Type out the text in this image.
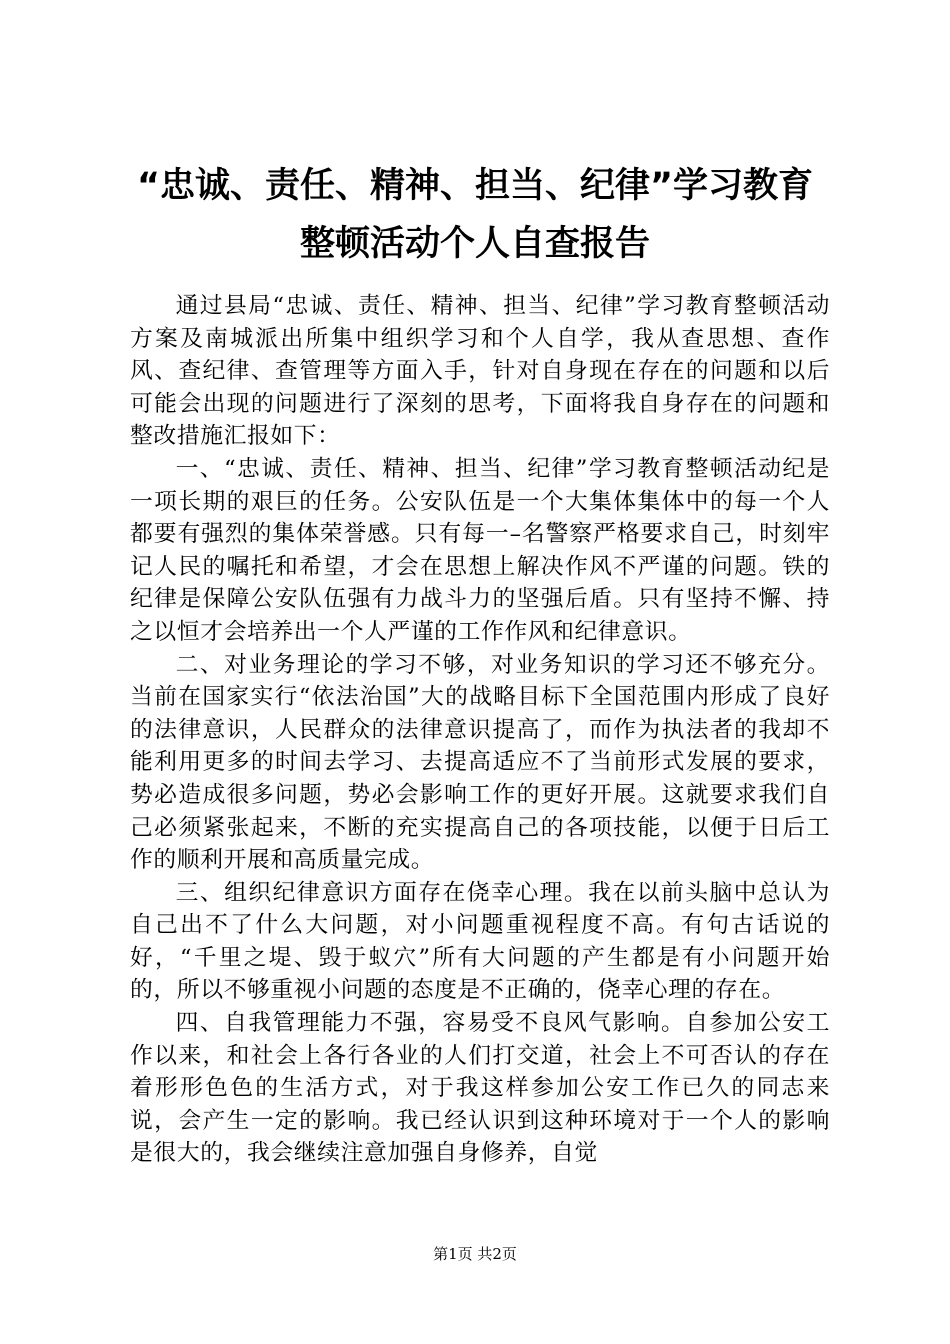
“忠诚、责任、精神、担当、纪律”学习教育
整顿活动个人自查报告

通过县局“忠诚、责任、精神、担当、纪律”学习教育整顿活动方案及南城派出所集中组织学习和个人自学，我从查思想、查作风、查纪律、查管理等方面入手，针对自身现在存在的问题和以后可能会出现的问题进行了深刻的思考，下面将我自身存在的问题和整改措施汇报如下：

一、“忠诚、责任、精神、担当、纪律”学习教育整顿活动纪是一项长期的艰巨的任务。公安队伍是一个大集体集体中的每一个人都要有强烈的集体荣誉感。只有每一–名警察严格要求自己，时刻牢记人民的嘱托和希望，才会在思想上解决作风不严谨的问题。铁的纪律是保障公安队伍强有力战斗力的坚强后盾。只有坚持不懈、持之以恒才会培养出一个人严谨的工作作风和纪律意识。

二、对业务理论的学习不够，对业务知识的学习还不够充分。当前在国家实行“依法治国”大的战略目标下全国范围内形成了良好的法律意识，人民群众的法律意识提高了，而作为执法者的我却不能利用更多的时间去学习、去提高适应不了当前形式发展的要求，势必造成很多问题，势必会影响工作的更好开展。这就要求我们自己必须紧张起来，不断的充实提高自己的各项技能，以便于日后工作的顺利开展和高质量完成。

三、组织纪律意识方面存在侥幸心理。我在以前头脑中总认为自己出不了什么大问题，对小问题重视程度不高。有句古话说的好，“千里之堤、毁于蚁穴”所有大问题的产生都是有小问题开始的，所以不够重视小问题的态度是不正确的，侥幸心理的存在。

四、自我管理能力不强，容易受不良风气影响。自参加公安工作以来，和社会上各行各业的人们打交道，社会上不可否认的存在着形形色色的生活方式，对于我这样参加公安工作已久的同志来说，会产生一定的影响。我已经认识到这种环境对于一个人的影响是很大的，我会继续注意加强自身修养，自觉

第1页 共2页
